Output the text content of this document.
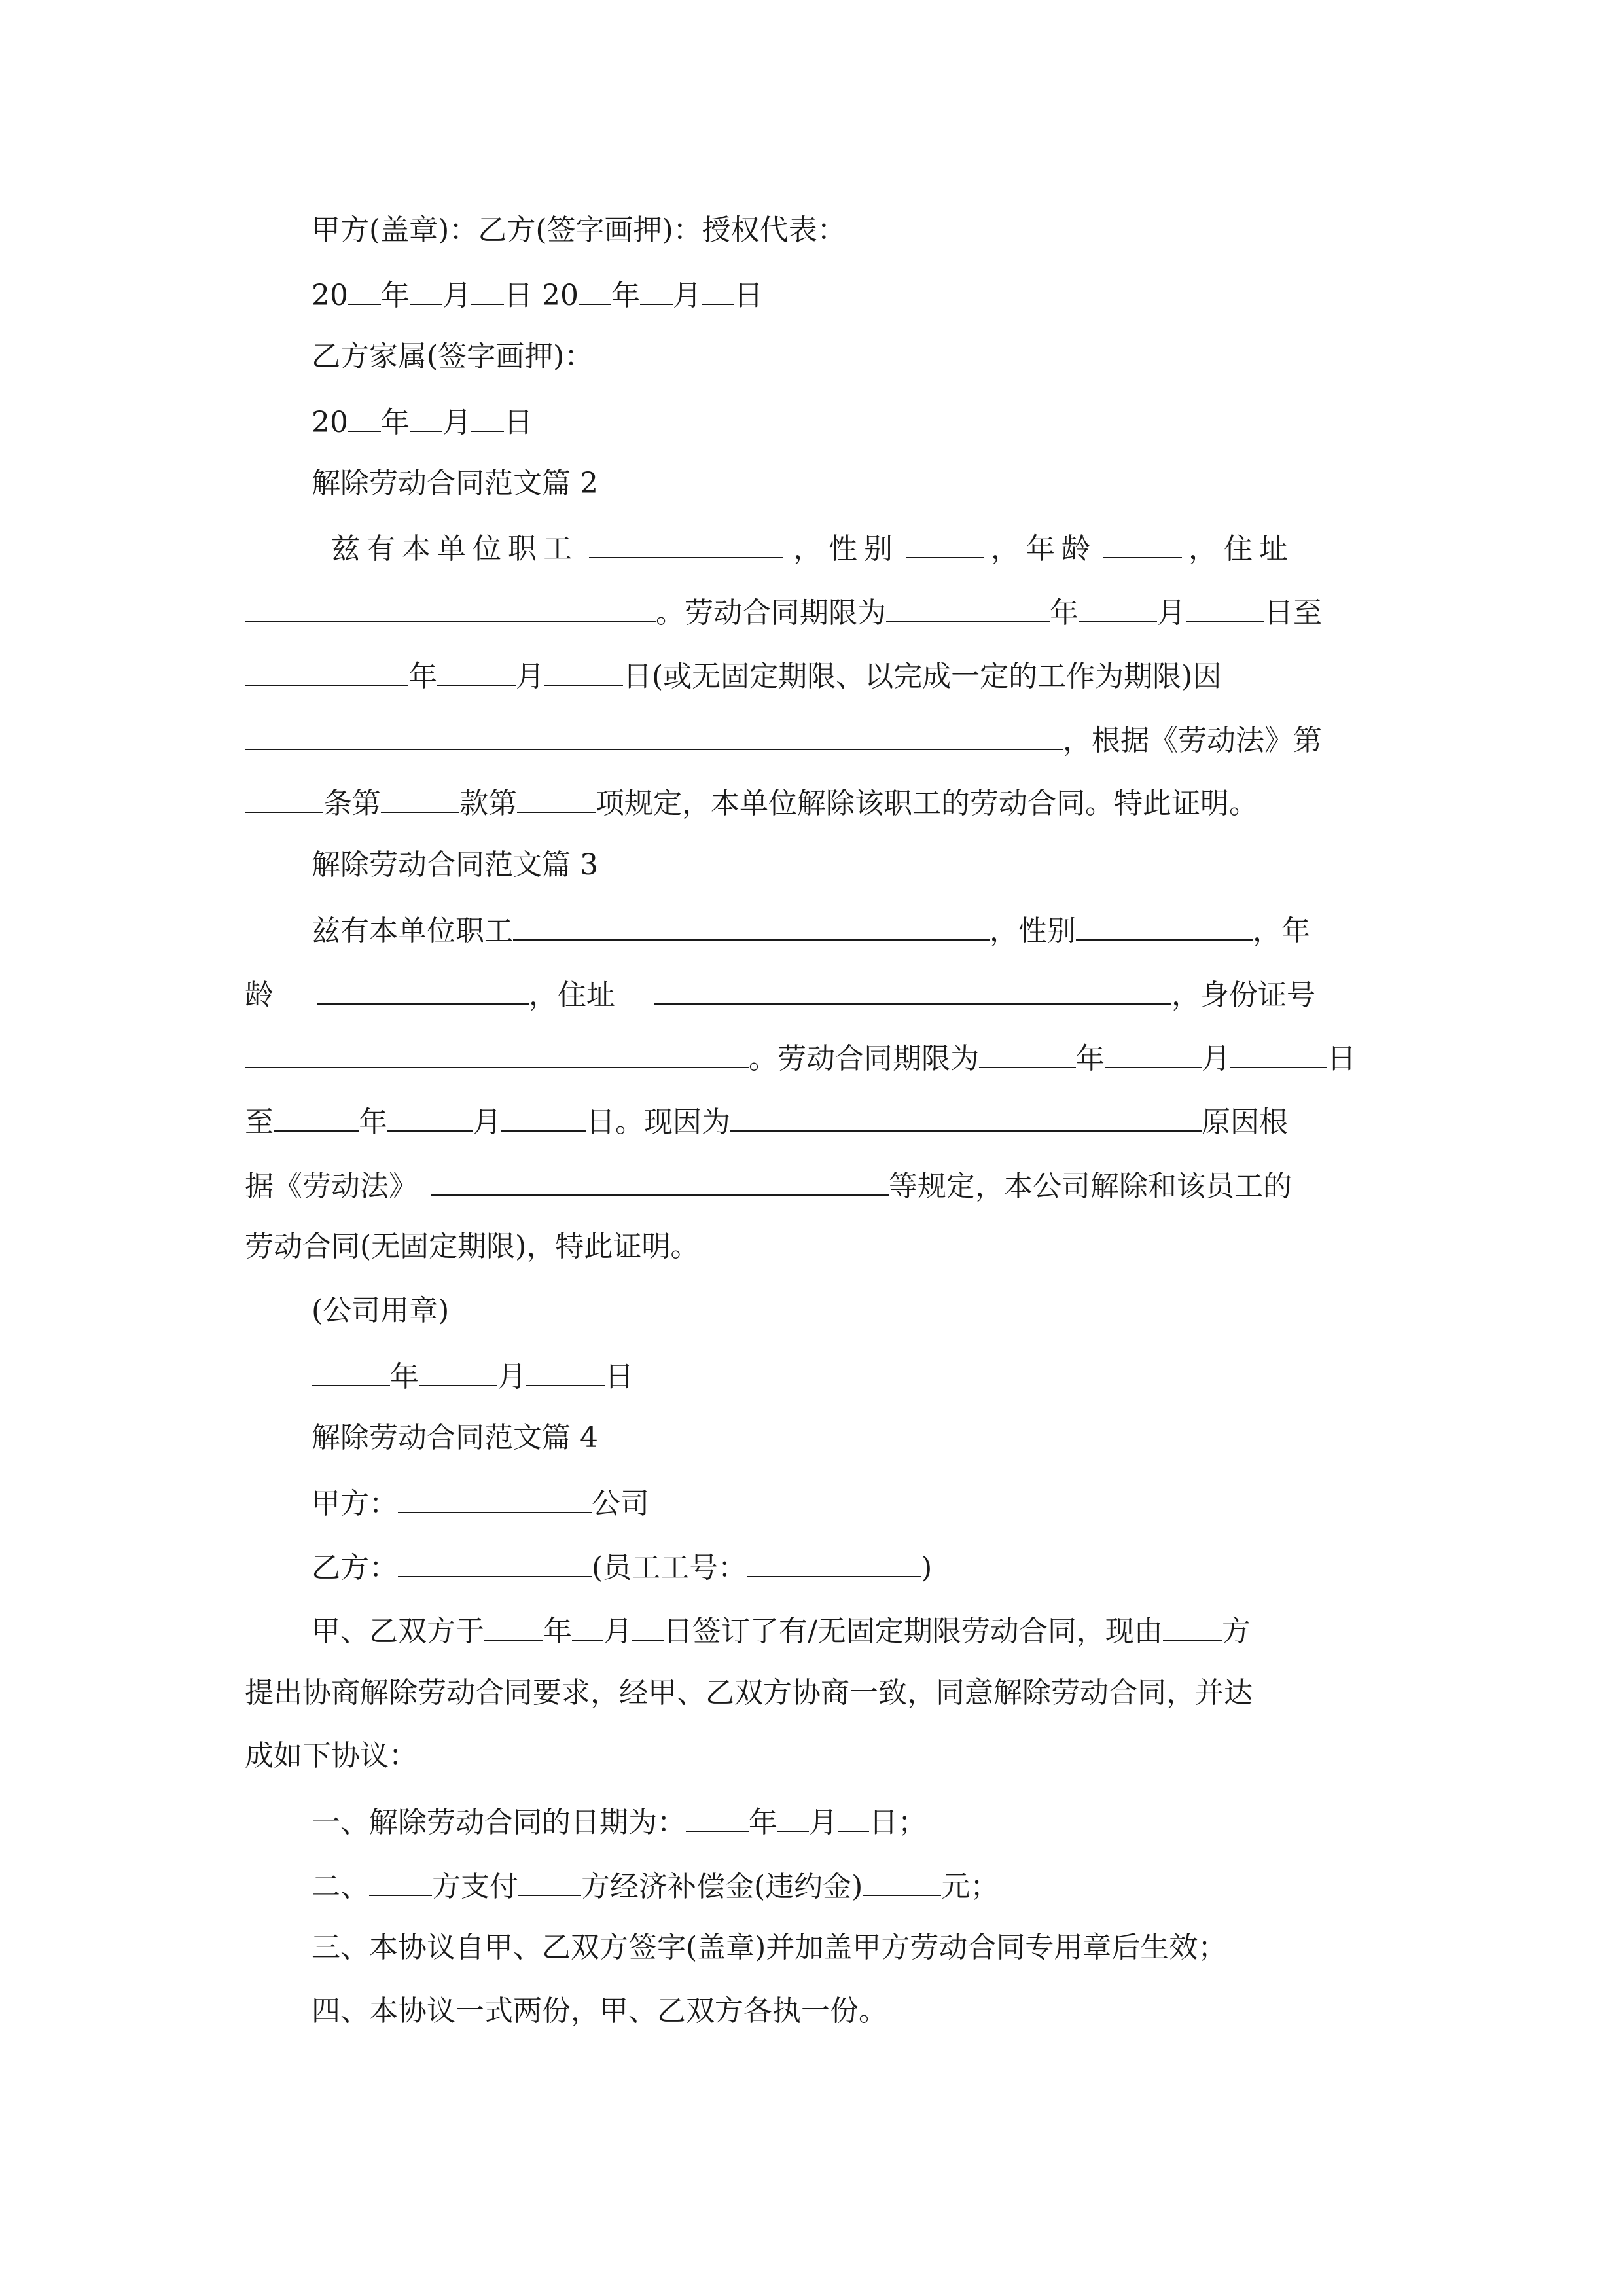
甲方(盖章)：乙方(签字画押)：授权代表：
20 年 月 日 20 年 月 日
乙方家属(签字画押)：
20 年 月 日
解除劳动合同范文篇 2
兹有本单位职工	，性别	，年龄	，住址
。劳动合同期限为	年	月	日至
年	月	日(或无固定期限、以完成一定的工作为期限)因
，根据《劳动法》第
条第	款第	项规定，本单位解除该职工的劳动合同。特此证明。
解除劳动合同范文篇 3
兹有本单位职工	，性别	，年
龄	，住址	，身份证号
。劳动合同期限为	年	月	日
至	年	月	日。现因为	原因根
据《劳动法》	等规定，本公司解除和该员工的
劳动合同(无固定期限)，特此证明。
(公司用章)
年	月	日
解除劳动合同范文篇 4
甲方：	公司
乙方：	(员工工号：	)
甲、乙双方于 年 月 日签订了有/无固定期限劳动合同，现由 方
提出协商解除劳动合同要求，经甲、乙双方协商一致，同意解除劳动合同，并达
成如下协议：
一、解除劳动合同的日期为： 年 月 日；
二、 方支付 方经济补偿金(违约金)	元；
三、本协议自甲、乙双方签字(盖章)并加盖甲方劳动合同专用章后生效；
四、本协议一式两份，甲、乙双方各执一份。
